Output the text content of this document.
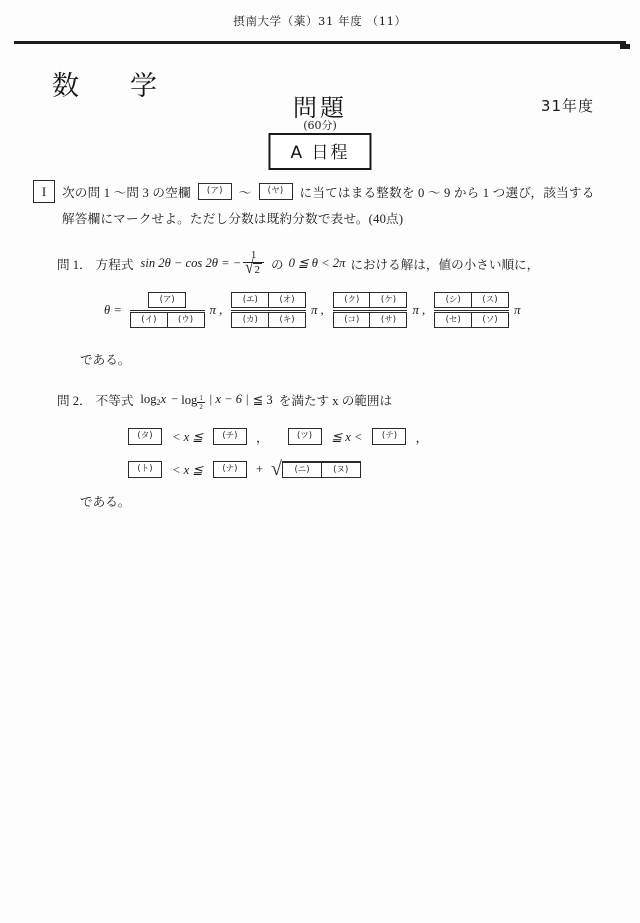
摂南大学（薬）31 年度 （11）
数　学
問題
(60分)
A 日程
31年度
I	次の問 1 〜問 3 の空欄	(ア)	〜	(ヤ)	に当てはまる整数を 0 〜 9 から 1 つ選び，該当する
解答欄にマークせよ。ただし分数は既約分数で表せ。(40点)
問 1． 方程式 sin 2θ − cos 2θ = − $\frac{1}{√ 2}$ の 0 ≦ θ < 2π における解は，値の小さい順に，
θ =
(ア)
(イ)	(ウ)
π ,
(エ)	(オ)
(カ)	(キ)
π ,
(ク)	(ケ)
(コ)	(サ)
π ,
(シ)	(ス)
(セ)	(ソ)
π
である。
問 2． 不等式 $\log_2x - \log \frac{1}{2}$ | x − 6 | ≦ 3 を満たす x の範囲は
(タ)	< x ≦	(チ)	，	(ツ)	≦ x <	(テ)	，
(ト)	< x ≦	(ナ)	+ √	(ニ)	(ヌ)
である。
